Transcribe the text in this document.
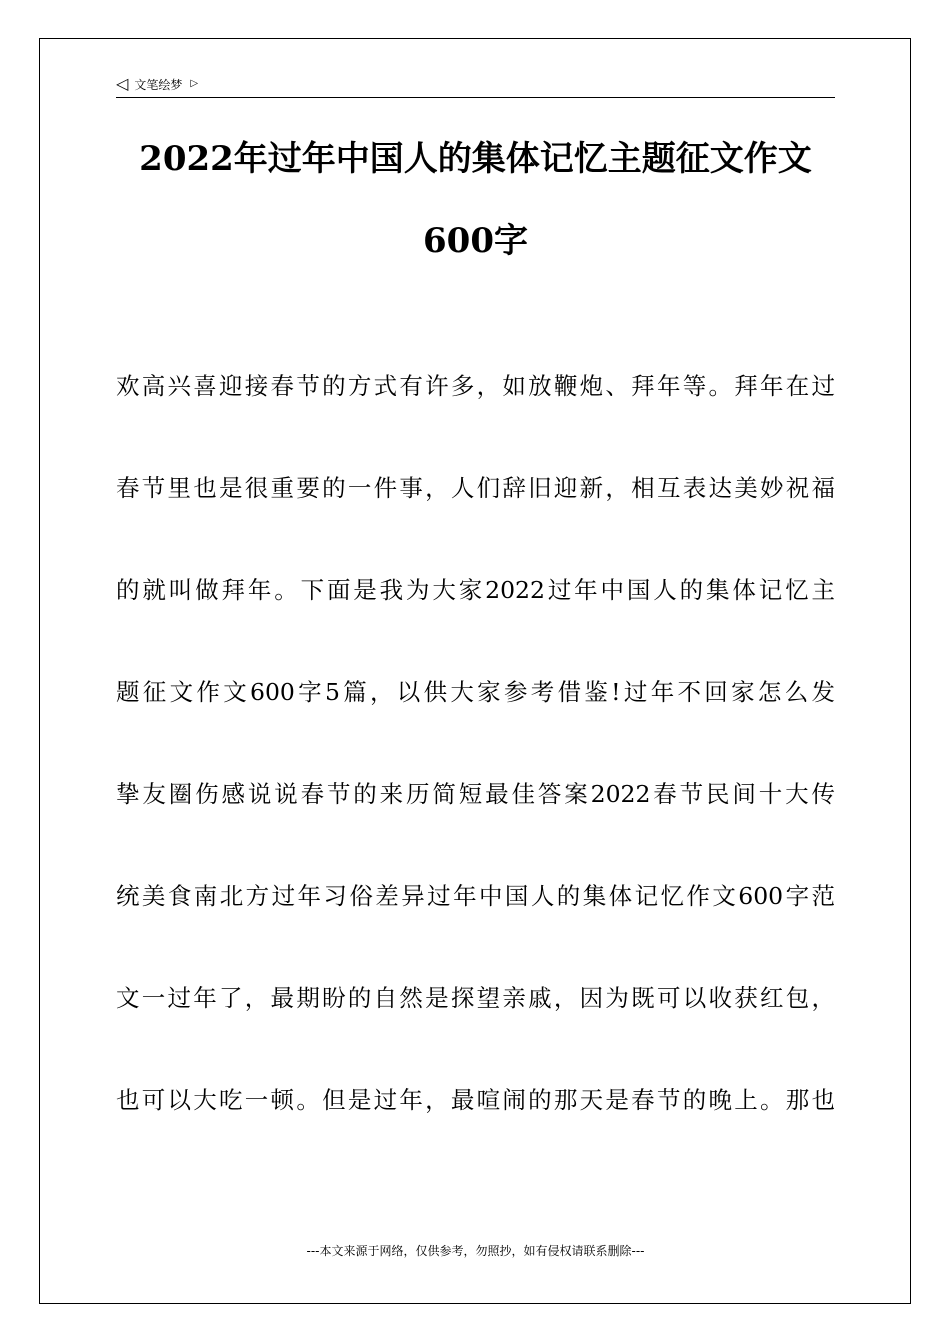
◁ 文笔绘梦 ▷
2022年过年中国人的集体记忆主题征文作文
600字
欢高兴喜迎接春节的方式有许多，如放鞭炮、拜年等。拜年在过
春节里也是很重要的一件事，人们辞旧迎新，相互表达美妙祝福
的就叫做拜年。下面是我为大家2022过年中国人的集体记忆主
题征文作文600字5篇，以供大家参考借鉴!过年不回家怎么发
挚友圈伤感说说春节的来历简短最佳答案2022春节民间十大传
统美食南北方过年习俗差异过年中国人的集体记忆作文600字范
文一过年了，最期盼的自然是探望亲戚，因为既可以收获红包，
也可以大吃一顿。但是过年，最喧闹的那天是春节的晚上。那也
---本文来源于网络，仅供参考，勿照抄，如有侵权请联系删除---
